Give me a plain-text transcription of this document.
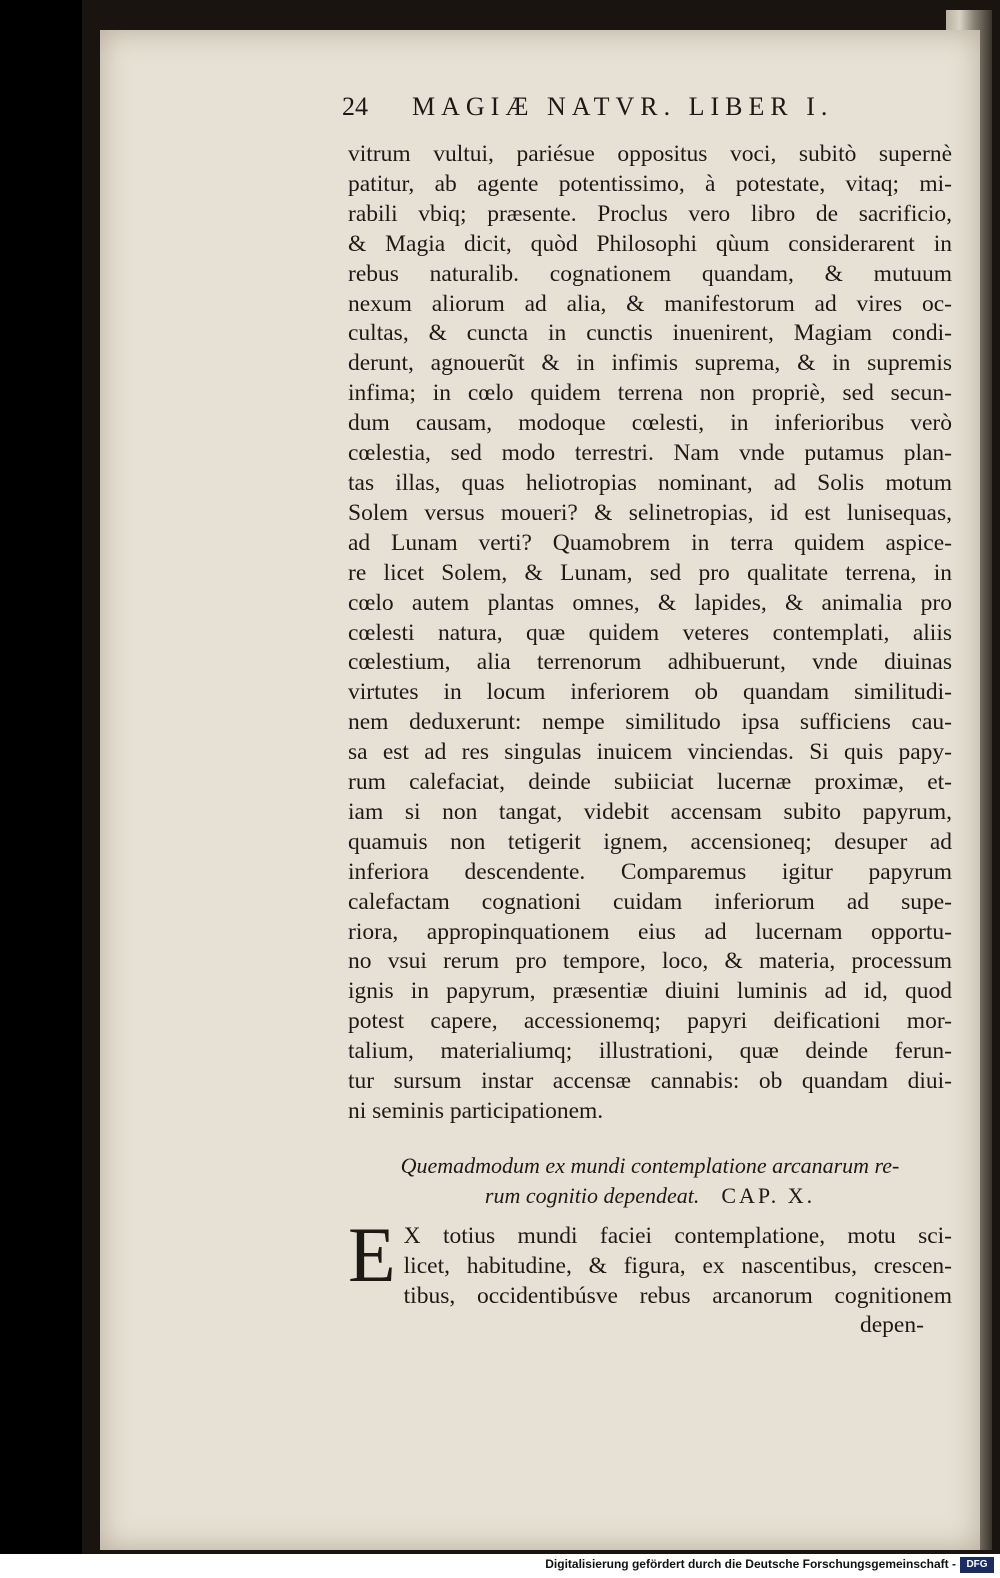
24 MAGIÆ NATVR. LIBER I.
vitrum vultui, pariésue oppositus voci, subitò supernè
patitur, ab agente potentissimo, à potestate, vitaq; mi-
rabili vbiq; præsente. Proclus vero libro de sacrificio,
& Magia dicit, quòd Philosophi qùum considerarent in
rebus naturalib. cognationem quandam, & mutuum
nexum aliorum ad alia, & manifestorum ad vires oc-
cultas, & cuncta in cunctis inuenirent, Magiam condi-
derunt, agnouerũt & in infimis suprema, & in supremis
infima; in cœlo quidem terrena non propriè, sed secun-
dum causam, modoque cœlesti, in inferioribus verò
cœlestia, sed modo terrestri. Nam vnde putamus plan-
tas illas, quas heliotropias nominant, ad Solis motum
Solem versus moueri? & selinetropias, id est lunisequas,
ad Lunam verti? Quamobrem in terra quidem aspice-
re licet Solem, & Lunam, sed pro qualitate terrena, in
cœlo autem plantas omnes, & lapides, & animalia pro
cœlesti natura, quæ quidem veteres contemplati, aliis
cœlestium, alia terrenorum adhibuerunt, vnde diuinas
virtutes in locum inferiorem ob quandam similitudi-
nem deduxerunt: nempe similitudo ipsa sufficiens cau-
sa est ad res singulas inuicem vinciendas. Si quis papy-
rum calefaciat, deinde subiiciat lucernæ proximæ, et-
iam si non tangat, videbit accensam subito papyrum,
quamuis non tetigerit ignem, accensioneq; desuper ad
inferiora descendente. Comparemus igitur papyrum
calefactam cognationi cuidam inferiorum ad supe-
riora, appropinquationem eius ad lucernam opportu-
no vsui rerum pro tempore, loco, & materia, processum
ignis in papyrum, præsentiæ diuini luminis ad id, quod
potest capere, accessionemq; papyri deificationi mor-
talium, materialiumq; illustrationi, quæ deinde ferun-
tur sursum instar accensæ cannabis: ob quandam diui-
ni seminis participationem.
Quemadmodum ex mundi contemplatione arcanarum re-
rum cognitio dependeat. CAP. X.
E X totius mundi faciei contemplatione, motu sci-
licet, habitudine, & figura, ex nascentibus, crescen-
tibus, occidentibúsve rebus arcanorum cognitionem
depen-
Digitalisierung gefördert durch die Deutsche Forschungsgemeinschaft -	DFG
